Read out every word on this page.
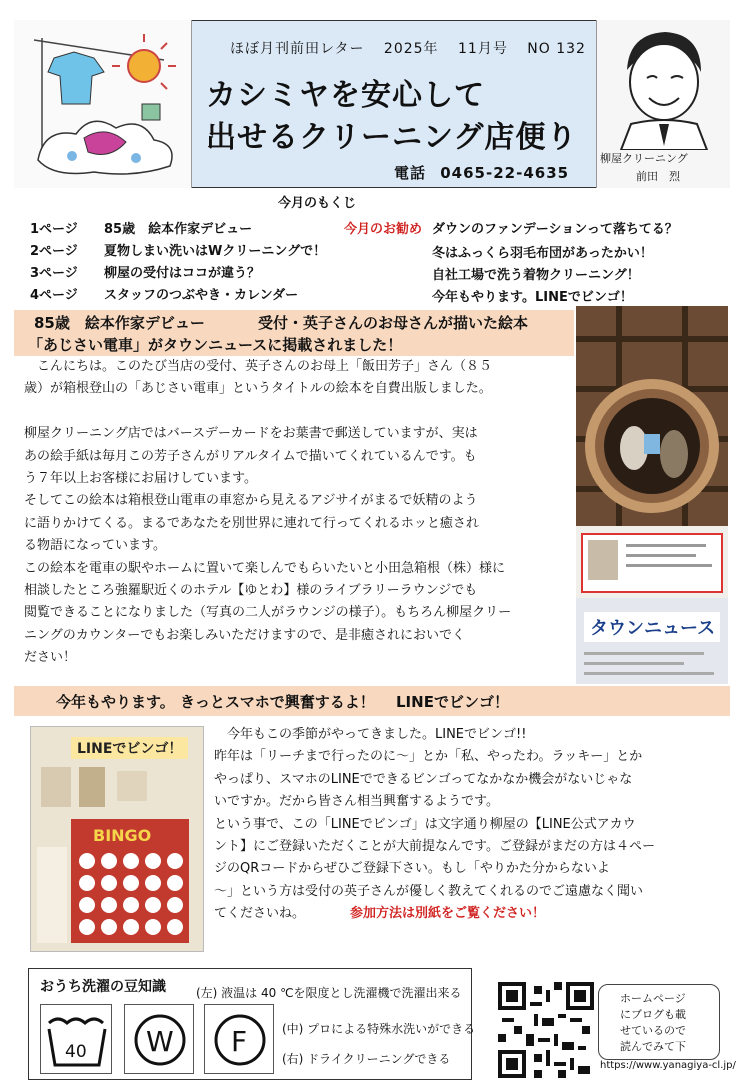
ほぼ月刊前田レター 2025年 11月号 NO 132
カシミヤを安心して
出せるクリーニング店便り
電話 0465-22-4635
柳屋クリーニング
前田　烈
今月のもくじ
1ページ 85歳　絵本作家デビュー
2ページ 夏物しまい洗いはWクリーニングで！
3ページ 柳屋の受付はココが違う？
4ページ スタッフのつぶやき・カレンダー
今月のお勧め ダウンのファンデーションって落ちてる？
冬はふっくら羽毛布団があったかい！
自社工場で洗う着物クリーニング！
今年もやります。LINEでビンゴ！
85歳　絵本作家デビュー	受付・英子さんのお母さんが描いた絵本
「あじさい電車」がタウンニュースに掲載されました！
　こんにちは。このたび当店の受付、英子さんのお母上「飯田芳子」さん（８５
歳）が箱根登山の「あじさい電車」というタイトルの絵本を自費出版しました。
柳屋クリーニング店ではバースデーカードをお葉書で郵送していますが、実は
あの絵手紙は毎月この芳子さんがリアルタイムで描いてくれているんです。も
う７年以上お客様にお届けしています。
そしてこの絵本は箱根登山電車の車窓から見えるアジサイがまるで妖精のよう
に語りかけてくる。まるであなたを別世界に連れて行ってくれるホッと癒され
る物語になっています。
この絵本を電車の駅やホームに置いて楽しんでもらいたいと小田急箱根（株）様に
相談したところ強羅駅近くのホテル【ゆとわ】様のライブラリーラウンジでも
閲覧できることになりました（写真の二人がラウンジの様子）。もちろん柳屋クリー
ニングのカウンターでもお楽しみいただけますので、是非癒されにおいでく
ださい！
タウンニュース
今年もやります。 きっとスマホで興奮するよ！ LINEでビンゴ！
LINEでビンゴ！
BINGO
　今年もこの季節がやってきました。LINEでビンゴ!!
昨年は「リーチまで行ったのに～」とか「私、やったわ。ラッキー」とか
やっぱり、スマホのLINEでできるビンゴってなかなか機会がないじゃな
いですか。だから皆さん相当興奮するようです。
という事で、この「LINEでビンゴ」は文字通り柳屋の【LINE公式アカウ
ント】にご登録いただくことが大前提なんです。ご登録がまだの方は４ペー
ジのQRコードからぜひご登録下さい。もし「やりかた分からないよ
～」という方は受付の英子さんが優しく教えてくれるのでご遠慮なく聞い
てくださいね。	参加方法は別紙をご覧ください！
おうち洗濯の豆知識
40 W F
(左) 液温は 40 ℃を限度とし洗濯機で洗濯出来る
(中) プロによる特殊水洗いができる
(右) ドライクリーニングできる
ホームページ
にブログも載
せているので
読んでみて下
https://www.yanagiya-cl.jp/
